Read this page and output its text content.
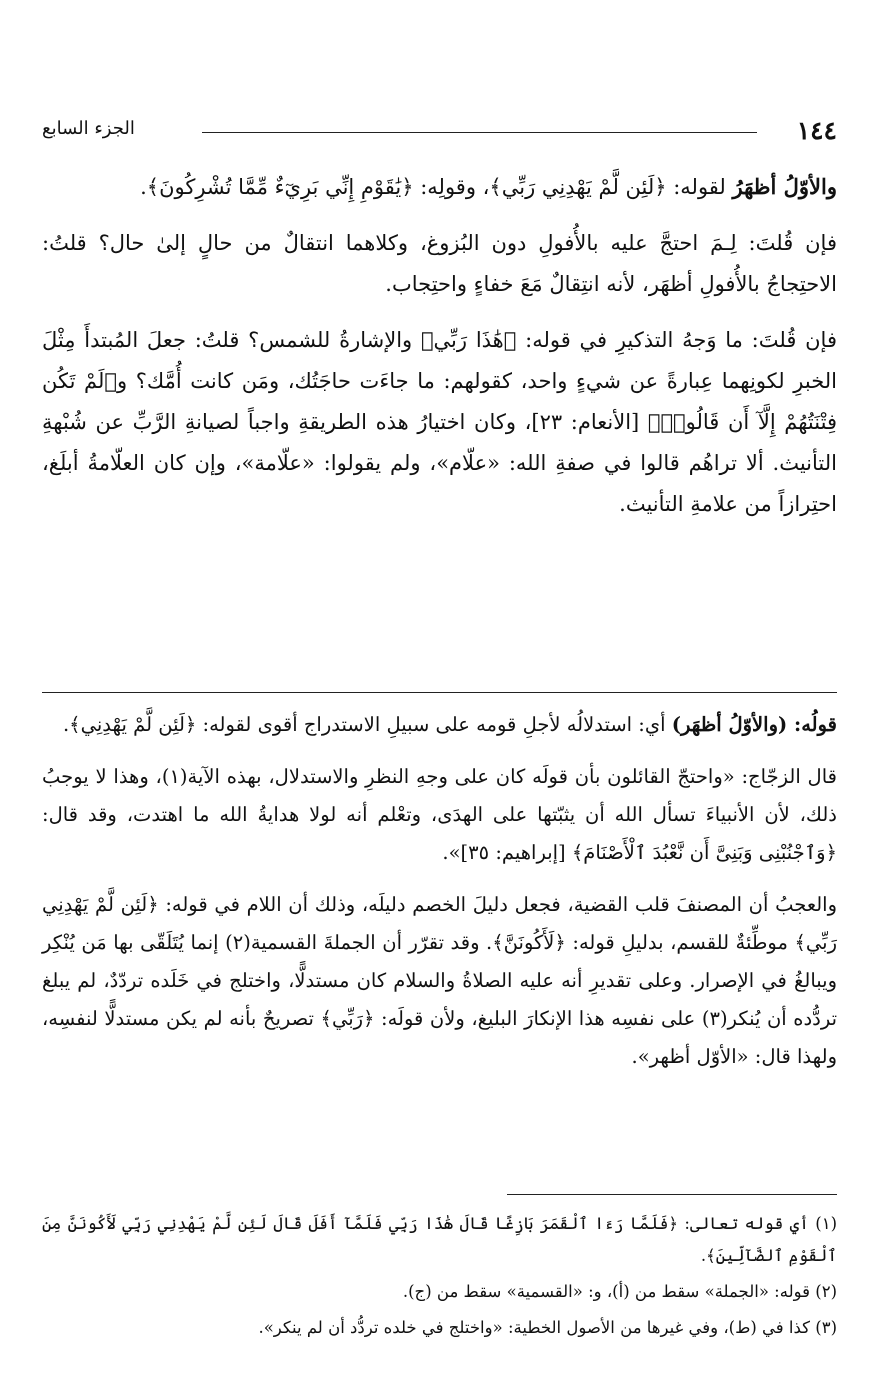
١٤٤
الجزء السابع

والأوّلُ أظهَرُ لقوله: ﴿لَئِن لَّمْ يَهْدِنِي رَبِّي﴾، وقولِه: ﴿يَٰقَوْمِ إِنِّي بَرِيٓءٌ مِّمَّا تُشْرِكُونَ﴾.

فإن قُلتَ: لِـمَ احتجَّ عليه بالأُفولِ دون البُزوغ، وكلاهما انتقالٌ من حالٍ إلىٰ حال؟ قلتُ: الاحتِجاجُ بالأُفولِ أظهَر، لأنه انتِقالٌ مَعَ خفاءٍ واحتِجاب.

فإن قُلتَ: ما وَجهُ التذكيرِ في قوله: ﴿هَٰذَا رَبِّي﴾ والإشارةُ للشمس؟ قلتُ: جعلَ المُبتدأَ مِثْلَ الخبرِ لكونِهما عِبارةً عن شيءٍ واحد، كقولهم: ما جاءَت حاجَتُك، ومَن كانت أُمَّك؟ و﴿لَمْ تَكُن فِتْنَتُهُمْ إِلَّآ أَن قَالُوا۟﴾ [الأنعام: ٢٣]، وكان اختيارُ هذه الطريقةِ واجباً لصيانةِ الرَّبِّ عن شُبْهةِ التأنيث. ألا تراهُم قالوا في صفةِ الله: «علّام»، ولم يقولوا: «علّامة»، وإن كان العلّامةُ أبلَغ، احتِرازاً من علامةِ التأنيث.

قولُه: (والأوّلُ أظهَر) أي: استدلالُه لأجلِ قومه على سبيلِ الاستدراج أقوى لقوله: ﴿لَئِن لَّمْ يَهْدِنِي﴾.

قال الزجّاج: «واحتجّ القائلون بأن قولَه كان على وجهِ النظرِ والاستدلال، بهذه الآية(١)، وهذا لا يوجبُ ذلك، لأن الأنبياءَ تسأل الله أن يثبّتها على الهدَى، وتعْلم أنه لولا هدايةُ الله ما اهتدت، وقد قال: ﴿وَٱجْنُبْنِى وَبَنِىَّ أَن نَّعْبُدَ ٱلْأَصْنَامَ﴾ [إبراهيم: ٣٥]».

والعجبُ أن المصنفَ قلب القضية، فجعل دليلَ الخصم دليلَه، وذلك أن اللام في قوله: ﴿لَئِن لَّمْ يَهْدِنِي رَبِّي﴾ موطِّئةٌ للقسم، بدليلِ قوله: ﴿لَأَكُونَنَّ﴾. وقد تقرّر أن الجملةَ القسمية(٢) إنما يُتَلَقّى بها مَن يُنْكِر ويبالغُ في الإصرار. وعلى تقديرِ أنه عليه الصلاةُ والسلام كان مستدلًّا، واختلج في خَلَده تردّدٌ، لم يبلغ تردُّده أن يُنكر(٣) على نفسِه هذا الإنكارَ البليغ، ولأن قولَه: ﴿رَبِّي﴾ تصريحٌ بأنه لم يكن مستدلًّا لنفسِه، ولهذا قال: «الأوّل أظهر».

(١) أي قوله تعالى: ﴿فَلَمَّا رَءَا ٱلْقَمَرَ بَازِغًا قَالَ هَٰذَا رَبِّي فَلَمَّآ أَفَلَ قَالَ لَئِن لَّمْ يَهْدِنِي رَبِّي لَأَكُونَنَّ مِنَ ٱلْقَوْمِ ٱلضَّآلِّينَ﴾.

(٢) قوله: «الجملة» سقط من (أ)، و: «القسمية» سقط من (ج).

(٣) كذا في (ط)، وفي غيرها من الأصول الخطية: «واختلج في خلده تردُّد أن لم ينكر».
